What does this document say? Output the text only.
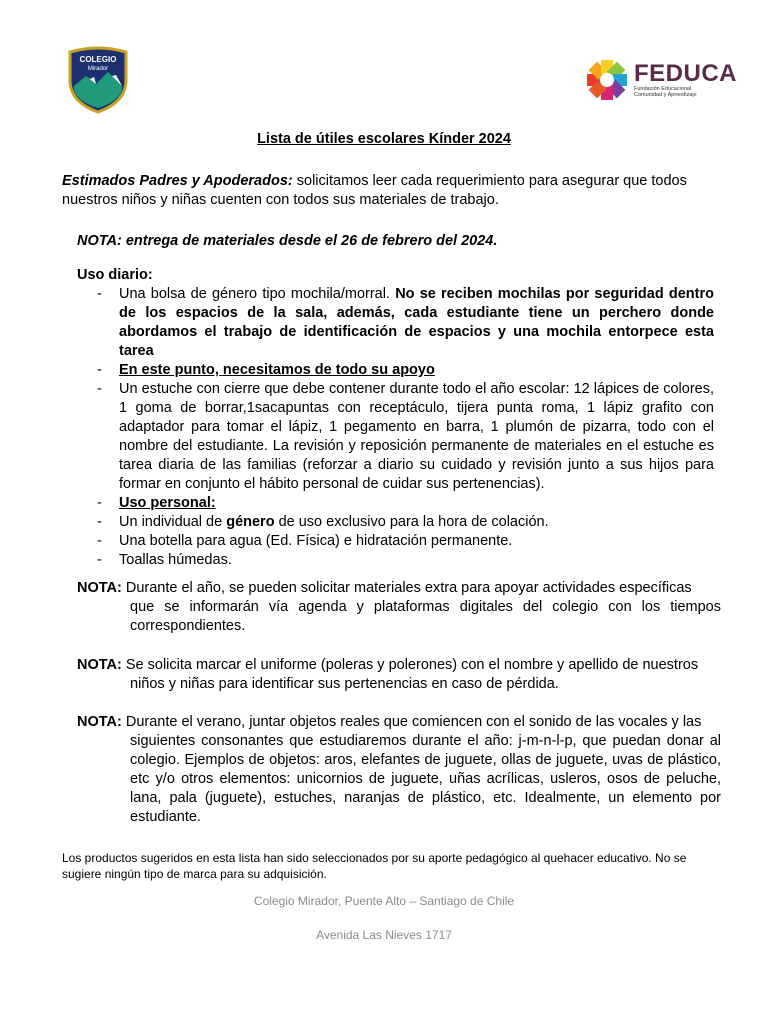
COLEGIO
Mirador	FEDUCA
Fundación Educacional Comunidad y Aprendizaje
Lista de útiles escolares Kínder 2024
Estimados Padres y Apoderados: solicitamos leer cada requerimiento para asegurar que todos nuestros niños y niñas cuenten con todos sus materiales de trabajo.
NOTA: entrega de materiales desde el 26 de febrero del 2024.
Uso diario:
- Una bolsa de género tipo mochila/morral. No se reciben mochilas por seguridad dentro de los espacios de la sala, además, cada estudiante tiene un perchero donde abordamos el trabajo de identificación de espacios y una mochila entorpece esta tarea
- En este punto, necesitamos de todo su apoyo
- Un estuche con cierre que debe contener durante todo el año escolar: 12 lápices de colores, 1 goma de borrar,1sacapuntas con receptáculo, tijera punta roma, 1 lápiz grafito con adaptador para tomar el lápiz, 1 pegamento en barra, 1 plumón de pizarra, todo con el nombre del estudiante. La revisión y reposición permanente de materiales en el estuche es tarea diaria de las familias (reforzar a diario su cuidado y revisión junto a sus hijos para formar en conjunto el hábito personal de cuidar sus pertenencias).
- Uso personal:
- Un individual de género de uso exclusivo para la hora de colación.
- Una botella para agua (Ed. Física) e hidratación permanente.
- Toallas húmedas.
NOTA: Durante el año, se pueden solicitar materiales extra para apoyar actividades específicas
que se informarán vía agenda y plataformas digitales del colegio con los tiempos correspondientes.
NOTA: Se solicita marcar el uniforme (poleras y polerones) con el nombre y apellido de nuestros
niños y niñas para identificar sus pertenencias en caso de pérdida.
NOTA: Durante el verano, juntar objetos reales que comiencen con el sonido de las vocales y las
siguientes consonantes que estudiaremos durante el año: j-m-n-l-p, que puedan donar al colegio. Ejemplos de objetos: aros, elefantes de juguete, ollas de juguete, uvas de plástico, etc y/o otros elementos: unicornios de juguete, uñas acrílicas, usleros, osos de peluche, lana, pala (juguete), estuches, naranjas de plástico, etc. Idealmente, un elemento por estudiante.
Los productos sugeridos en esta lista han sido seleccionados por su aporte pedagógico al quehacer educativo. No se sugiere ningún tipo de marca para su adquisición.
Colegio Mirador, Puente Alto – Santiago de Chile
Avenida Las Nieves 1717
